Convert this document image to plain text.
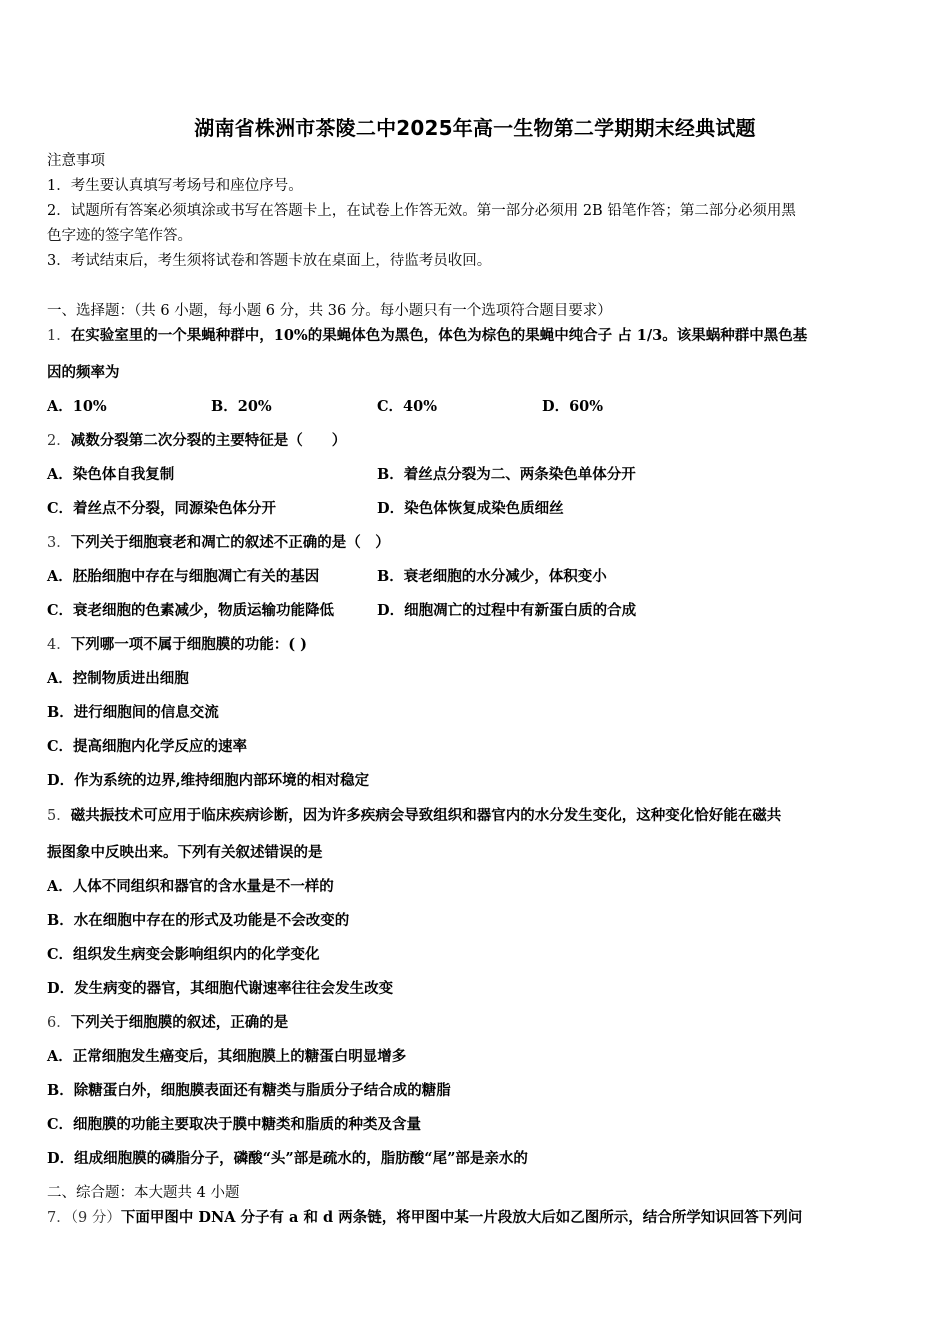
湖南省株洲市茶陵二中2025年高一生物第二学期期末经典试题
注意事项
1．考生要认真填写考场号和座位序号。
2．试题所有答案必须填涂或书写在答题卡上，在试卷上作答无效。第一部分必须用 2B 铅笔作答；第二部分必须用黑
色字迹的签字笔作答。
3．考试结束后，考生须将试卷和答题卡放在桌面上，待监考员收回。
一、选择题：（共 6 小题，每小题 6 分，共 36 分。每小题只有一个选项符合题目要求）
1．在实验室里的一个果蝇种群中，10%的果蝇体色为黑色，体色为棕色的果蝇中纯合子 占 1/3。该果蜗种群中黑色基
因的频率为
A．10%	B．20%	C．40%	D．60%
2．减数分裂第二次分裂的主要特征是（　　）
A．染色体自我复制	B．着丝点分裂为二、两条染色单体分开
C．着丝点不分裂，同源染色体分开	D．染色体恢复成染色质细丝
3．下列关于细胞衰老和凋亡的叙述不正确的是（　）
A．胚胎细胞中存在与细胞凋亡有关的基因	B．衰老细胞的水分减少，体积变小
C．衰老细胞的色素减少，物质运输功能降低	D．细胞凋亡的过程中有新蛋白质的合成
4．下列哪一项不属于细胞膜的功能：( )
A．控制物质进出细胞
B．进行细胞间的信息交流
C．提高细胞内化学反应的速率
D．作为系统的边界,维持细胞内部环境的相对稳定
5．磁共振技术可应用于临床疾病诊断，因为许多疾病会导致组织和器官内的水分发生变化，这种变化恰好能在磁共
振图象中反映出来。下列有关叙述错误的是
A．人体不同组织和器官的含水量是不一样的
B．水在细胞中存在的形式及功能是不会改变的
C．组织发生病变会影响组织内的化学变化
D．发生病变的器官，其细胞代谢速率往往会发生改变
6．下列关于细胞膜的叙述，正确的是
A．正常细胞发生癌变后，其细胞膜上的糖蛋白明显增多
B．除糖蛋白外，细胞膜表面还有糖类与脂质分子结合成的糖脂
C．细胞膜的功能主要取决于膜中糖类和脂质的种类及含量
D．组成细胞膜的磷脂分子，磷酸“头”部是疏水的，脂肪酸“尾”部是亲水的
二、综合题：本大题共 4 小题
7．（9 分）下面甲图中 DNA 分子有 a 和 d 两条链，将甲图中某一片段放大后如乙图所示，结合所学知识回答下列问
